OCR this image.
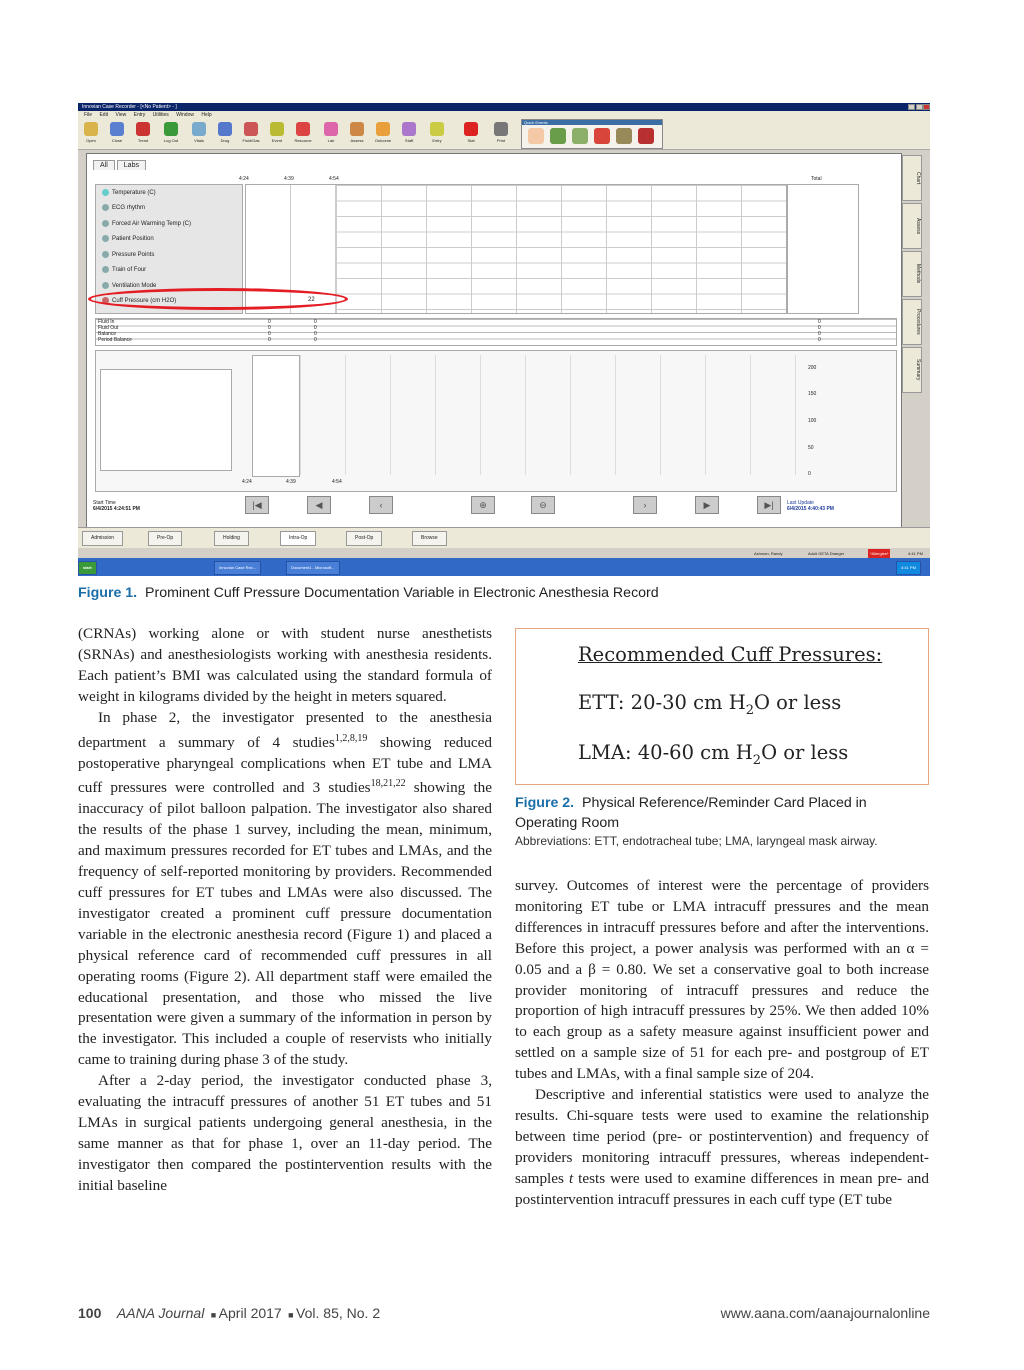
Innovian Case Recorder - [<No Patient> - ]
File Edit View Entry Utilities Window Help
Open	Close	Trend	Log Out	Vitals	Drug	Fluid/Gas	Event	Resource	Lab	Assess	Outcome	Staff	Entry	Stat	Print
Quick Events
All Labs
4:24	4:39	4:54	Total
Temperature (C)
ECG rhythm
Forced Air Warming Temp (C)
Patient Position
Pressure Points
Train of Four
Ventilation Mode
Cuff Pressure (cm H2O)	22
Fluid In	0	0	0
Fluid Out	0	0	0
Balance	0	0	0
Period Balance	0	0	0
200
150
100
50
0
4:24	4:39	4:54
Start Time
6/4/2015 4:24:51 PM
Last Update
6/4/2015 4:40:43 PM
|◀	◀	‹	⊕	⊖	›	▶	▶|
Chart
Assess
Methods
Procedures
Summary
Admission	Pre-Op	Holding	Intra-Op	Post-Op	Browse
Ashman, Randy	Adult GETA Draeger	*Allergies*	4:41 PM
start	Innovian Case Rec...	Document1 - Microsoft...	4:41 PM
Figure 1. Prominent Cuff Pressure Documentation Variable in Electronic Anesthesia Record

(CRNAs) working alone or with student nurse anesthetists (SRNAs) and anesthesiologists working with anesthesia residents. Each patient’s BMI was calculated using the standard formula of weight in kilograms divided by the height in meters squared.

In phase 2, the investigator presented to the anesthesia department a summary of 4 studies$^{1,2,8,19}$ showing reduced postoperative pharyngeal complications when ET tube and LMA cuff pressures were controlled and 3 studies$^{18,21,22}$ showing the inaccuracy of pilot balloon palpation. The investigator also shared the results of the phase 1 survey, including the mean, minimum, and maximum pressures recorded for ET tubes and LMAs, and the frequency of self-reported monitoring by providers. Recommended cuff pressures for ET tubes and LMAs were also discussed. The investigator created a prominent cuff pressure documentation variable in the electronic anesthesia record (Figure 1) and placed a physical reference card of recommended cuff pressures in all operating rooms (Figure 2). All department staff were emailed the educational presentation, and those who missed the live presentation were given a summary of the information in person by the investigator. This included a couple of reservists who initially came to training during phase 3 of the study.

After a 2-day period, the investigator conducted phase 3, evaluating the intracuff pressures of another 51 ET tubes and 51 LMAs in surgical patients undergoing general anesthesia, in the same manner as that for phase 1, over an 11-day period. The investigator then compared the postintervention results with the initial baseline

Recommended Cuff Pressures:
ETT: 20-30 cm $H_2O$ or less
LMA: 40-60 cm $H_2O$ or less
Figure 2. Physical Reference/Reminder Card Placed in Operating Room
Abbreviations: ETT, endotracheal tube; LMA, laryngeal mask airway.

survey. Outcomes of interest were the percentage of providers monitoring ET tube or LMA intracuff pressures and the mean differences in intracuff pressures before and after the interventions. Before this project, a power analysis was performed with an α = 0.05 and a β = 0.80. We set a conservative goal to both increase provider monitoring of intracuff pressures and reduce the proportion of high intracuff pressures by 25%. We then added 10% to each group as a safety measure against insufficient power and settled on a sample size of 51 for each pre- and postgroup of ET tubes and LMAs, with a final sample size of 204.

Descriptive and inferential statistics were used to analyze the results. Chi-square tests were used to examine the relationship between time period (pre- or postintervention) and frequency of providers monitoring intracuff pressures, whereas independent-samples t tests were used to examine differences in mean pre- and postintervention intracuff pressures in each cuff type (ET tube

100 AANA Journal  ■ April 2017  ■ Vol. 85, No. 2	www.aana.com/aanajournalonline
